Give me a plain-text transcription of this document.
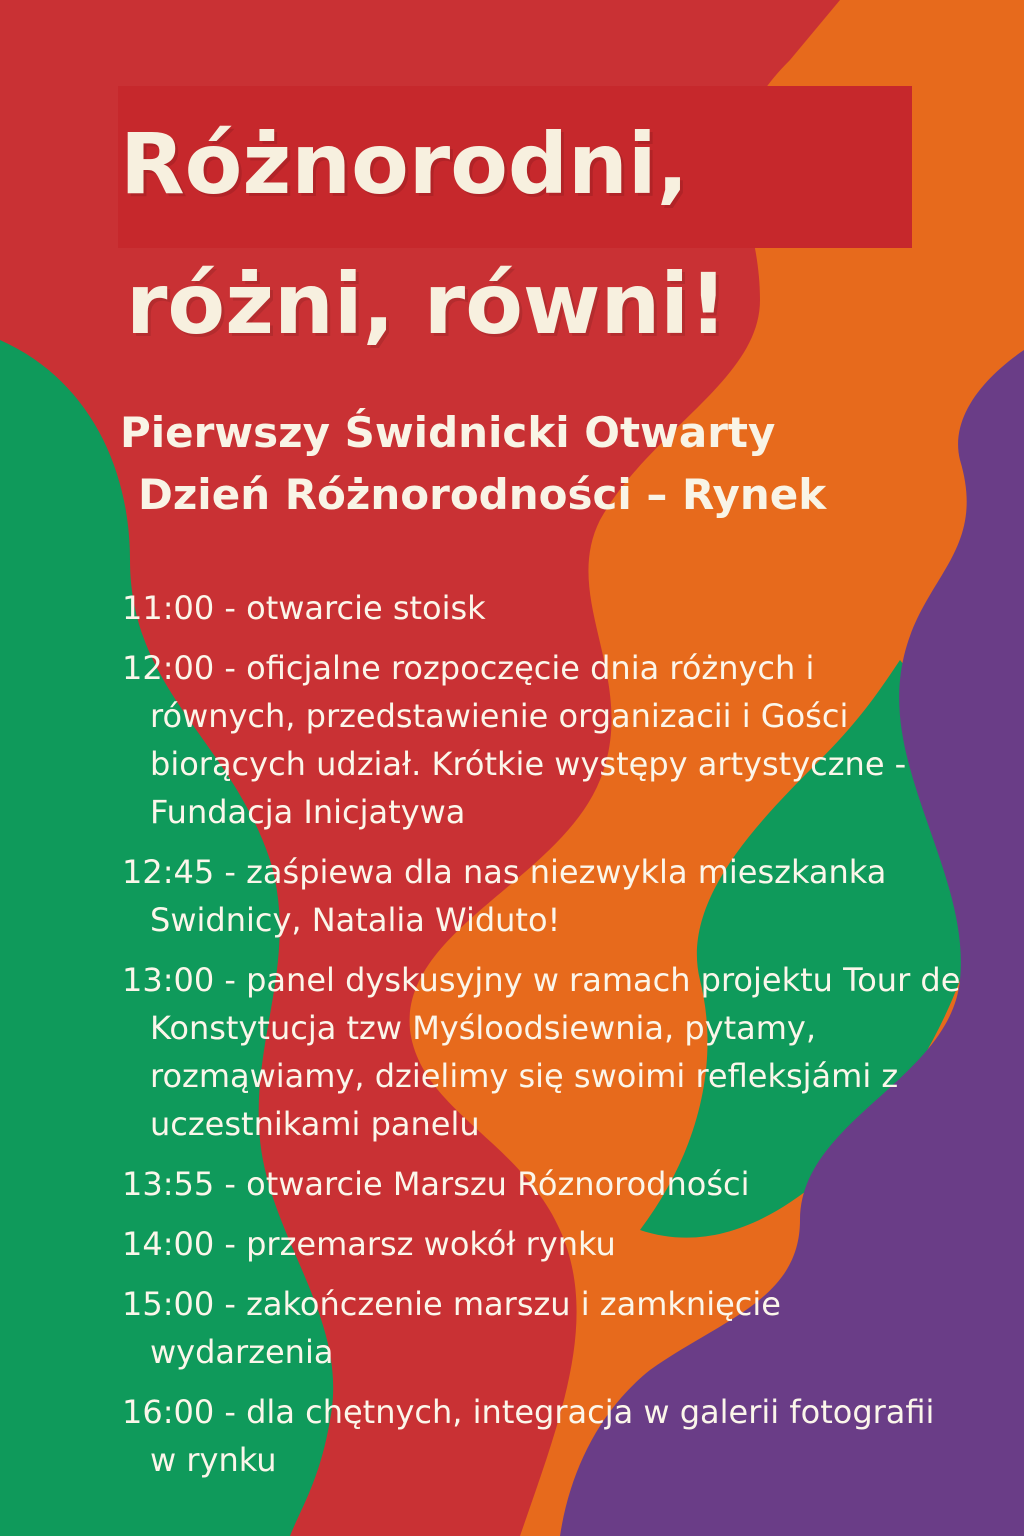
Różnorodni,
różni, równi!
Pierwszy Świdnicki Otwarty
Dzień Różnorodności – Rynek
11:00 - otwarcie stoisk
12:00 - oficjalne rozpoczęcie dnia różnych i równych, przedstawienie organizacii i Gości biorących udział. Krótkie występy artystyczne - Fundacja Inicjatywa
12:45 - zaśpiewa dla nas niezwykla mieszkanka Swidnicy, Natalia Widuto!
13:00 - panel dyskusyjny w ramach projektu Tour de Konstytucja tzw Myśloodsiewnia, pytamy, rozmąwiamy, dzielimy się swoimi refleksjámi z uczestnikami panelu
13:55 - otwarcie Marszu Róznorodności
14:00 - przemarsz wokół rynku
15:00 - zakończenie marszu i zamknięcie wydarzenia
16:00 - dla chętnych, integracja w galerii fotografii w rynku
